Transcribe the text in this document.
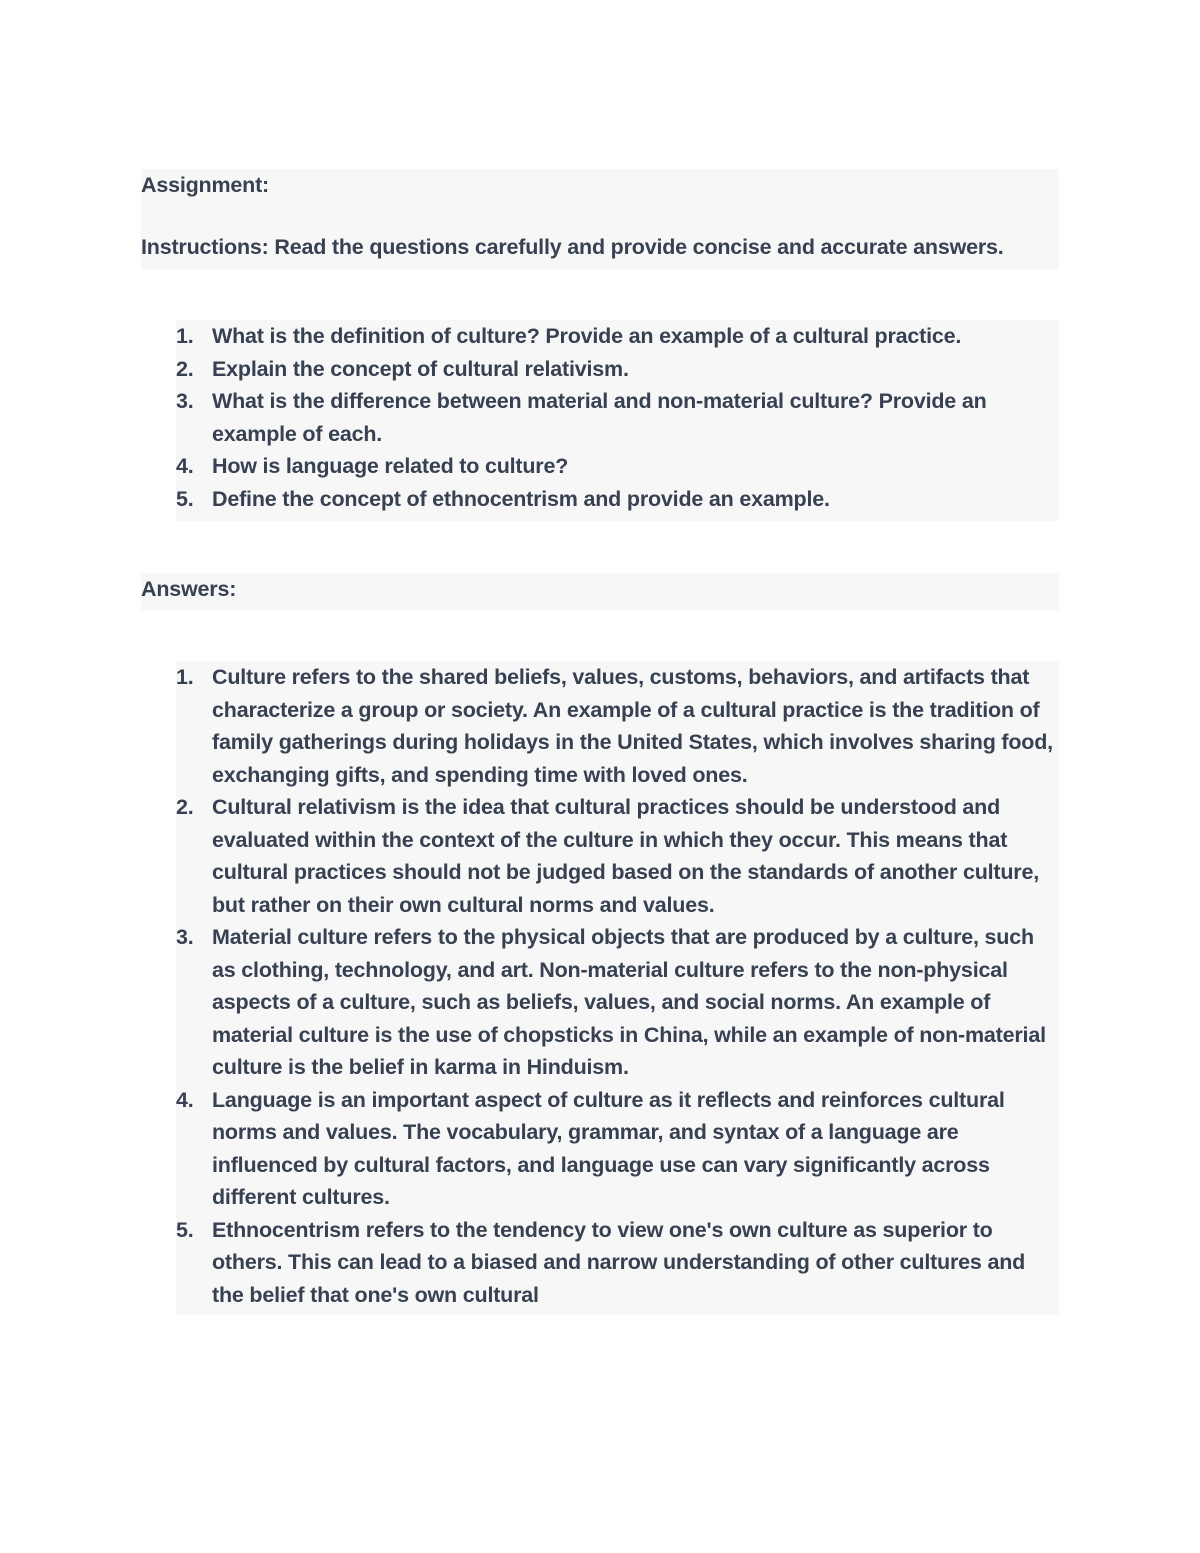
Assignment:
Instructions: Read the questions carefully and provide concise and accurate answers.
1. What is the definition of culture? Provide an example of a cultural practice.
2. Explain the concept of cultural relativism.
3. What is the difference between material and non-material culture? Provide an example of each.
4. How is language related to culture?
5. Define the concept of ethnocentrism and provide an example.
Answers:
1. Culture refers to the shared beliefs, values, customs, behaviors, and artifacts that characterize a group or society. An example of a cultural practice is the tradition of family gatherings during holidays in the United States, which involves sharing food, exchanging gifts, and spending time with loved ones.
2. Cultural relativism is the idea that cultural practices should be understood and evaluated within the context of the culture in which they occur. This means that cultural practices should not be judged based on the standards of another culture, but rather on their own cultural norms and values.
3. Material culture refers to the physical objects that are produced by a culture, such as clothing, technology, and art. Non-material culture refers to the non-physical aspects of a culture, such as beliefs, values, and social norms. An example of material culture is the use of chopsticks in China, while an example of non-material culture is the belief in karma in Hinduism.
4. Language is an important aspect of culture as it reflects and reinforces cultural norms and values. The vocabulary, grammar, and syntax of a language are influenced by cultural factors, and language use can vary significantly across different cultures.
5. Ethnocentrism refers to the tendency to view one's own culture as superior to others. This can lead to a biased and narrow understanding of other cultures and the belief that one's own cultural
